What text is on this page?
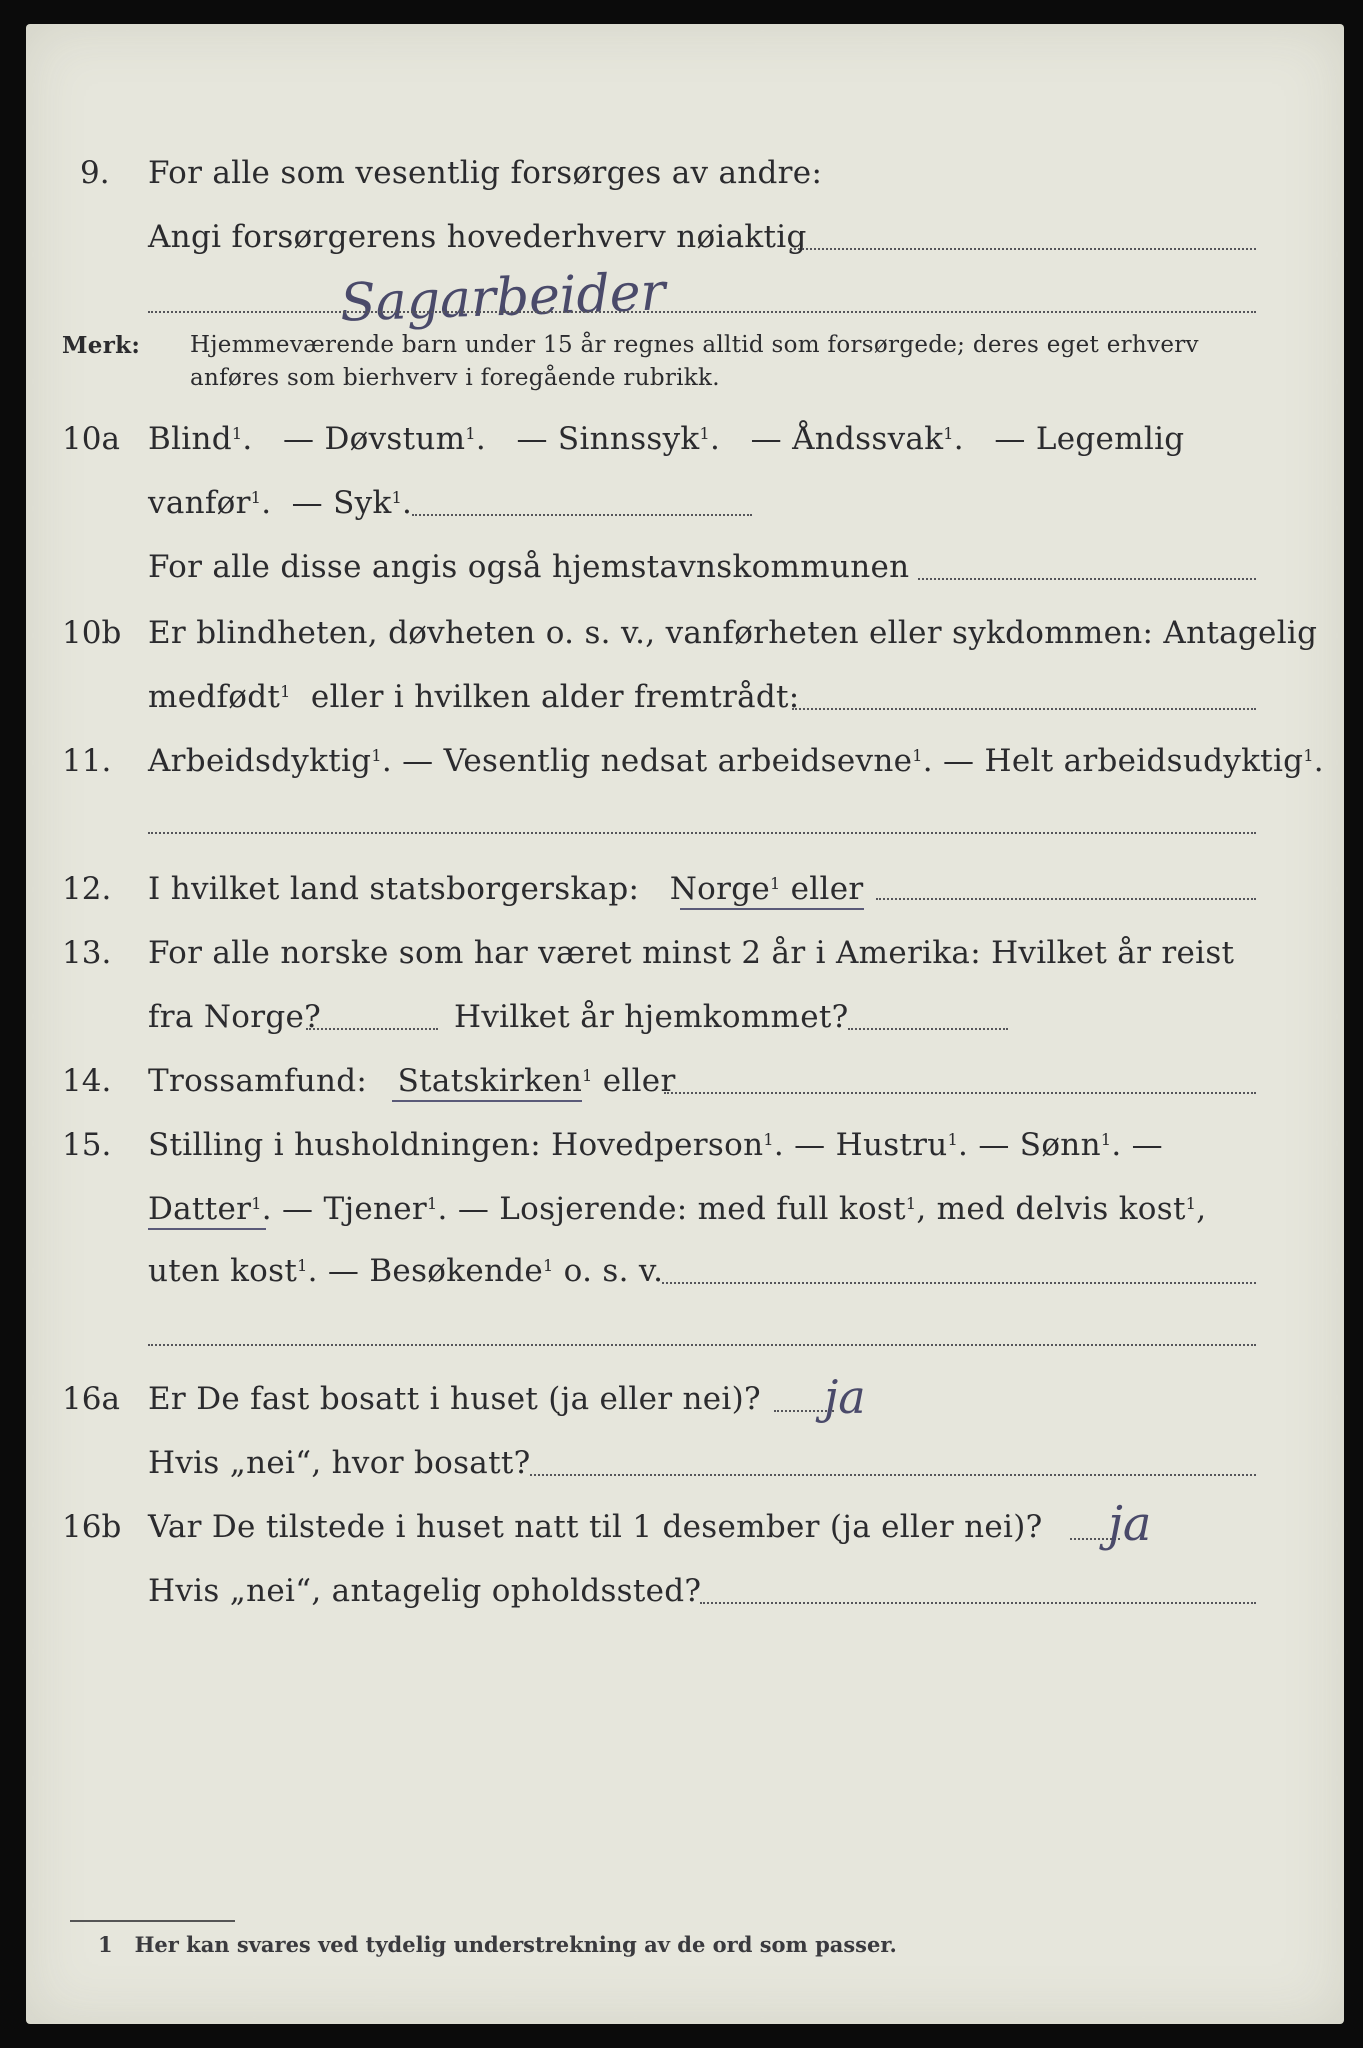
9. For alle som vesentlig forsørges av andre:
Angi forsørgerens hovederhverv nøiaktig
Sagarbeider
Merk: Hjemmeværende barn under 15 år regnes alltid som forsørgede; deres eget erhverv
anføres som bierhverv i foregående rubrikk.
10a Blind$^1$.   — Døvstum$^1$.   — Sinnssyk$^1$.   — Åndssvak$^1$.   — Legemlig
vanfør$^1$.  — Syk$^1$.
For alle disse angis også hjemstavnskommunen
10b Er blindheten, døvheten o. s. v., vanførheten eller sykdommen: Antagelig
medfødt$^1$ eller i hvilken alder fremtrådt:
11. Arbeidsdyktig$^1$. — Vesentlig nedsat arbeidsevne$^1$. — Helt arbeidsudyktig$^1$.
12. I hvilket land statsborgerskap: Norge$^1$ eller
13. For alle norske som har været minst 2 år i Amerika: Hvilket år reist
fra Norge?	Hvilket år hjemkommet?
14. Trossamfund: Statskirken$^1$ eller
15. Stilling i husholdningen: Hovedperson$^1$. — Hustru$^1$. — Sønn$^1$. —
Datter$^1$. — Tjener$^1$. — Losjerende: med full kost$^1$, med delvis kost$^1$,
uten kost$^1$. — Besøkende$^1$ o. s. v.
16a Er De fast bosatt i huset (ja eller nei)? ja
Hvis „nei“, hvor bosatt?
16b Var De tilstede i huset natt til 1 desember (ja eller nei)? ja
Hvis „nei“, antagelig opholdssted?
1 Her kan svares ved tydelig understrekning av de ord som passer.
